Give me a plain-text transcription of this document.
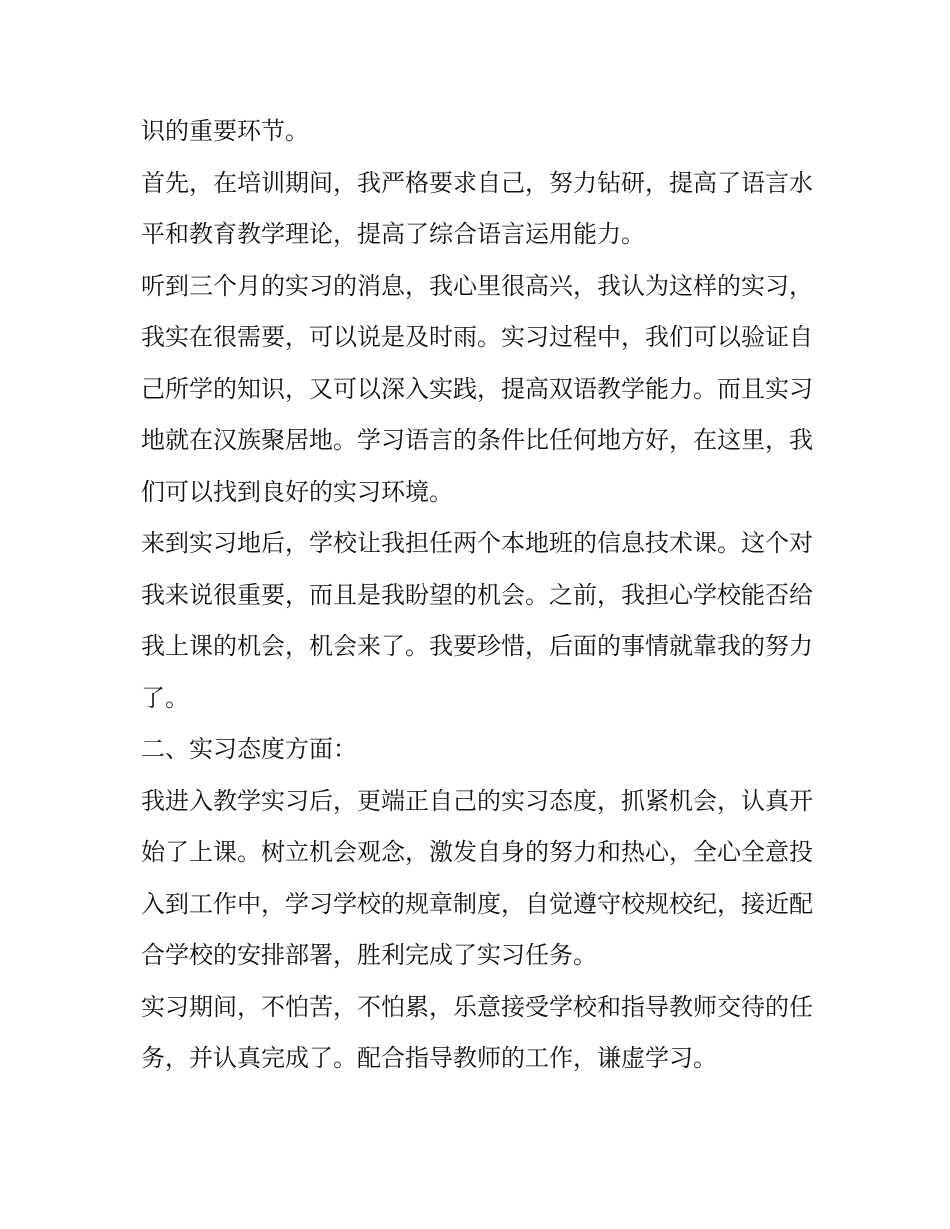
识的重要环节。

首先，在培训期间，我严格要求自己，努力钻研，提高了语言水平和教育教学理论，提高了综合语言运用能力。

听到三个月的实习的消息，我心里很高兴，我认为这样的实习，我实在很需要，可以说是及时雨。实习过程中，我们可以验证自己所学的知识，又可以深入实践，提高双语教学能力。而且实习地就在汉族聚居地。学习语言的条件比任何地方好，在这里，我们可以找到良好的实习环境。

来到实习地后，学校让我担任两个本地班的信息技术课。这个对我来说很重要，而且是我盼望的机会。之前，我担心学校能否给我上课的机会，机会来了。我要珍惜，后面的事情就靠我的努力了。

二、实习态度方面：

我进入教学实习后，更端正自己的实习态度，抓紧机会，认真开始了上课。树立机会观念，激发自身的努力和热心，全心全意投入到工作中，学习学校的规章制度，自觉遵守校规校纪，接近配合学校的安排部署，胜利完成了实习任务。

实习期间，不怕苦，不怕累，乐意接受学校和指导教师交待的任务，并认真完成了。配合指导教师的工作，谦虚学习。
